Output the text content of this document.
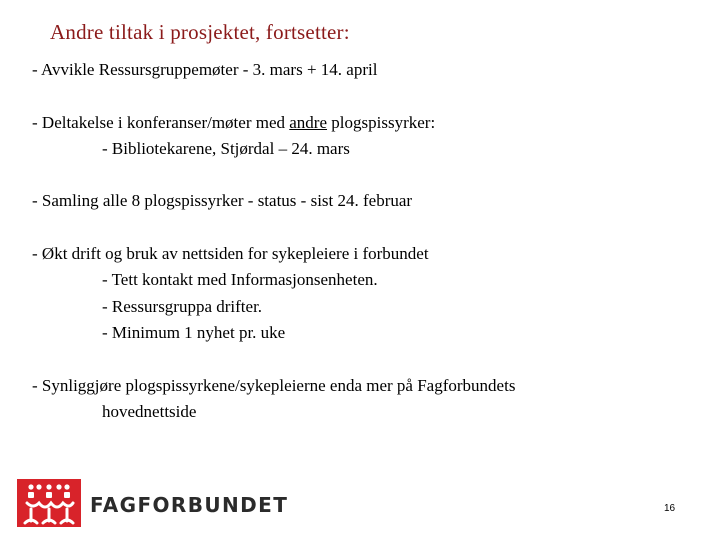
Andre tiltak i prosjektet, fortsetter:
- Avvikle Ressursgruppemøter - 3. mars + 14. april
- Deltakelse i konferanser/møter med andre plogspissyrker:
- Bibliotekarene, Stjørdal – 24. mars
- Samling alle 8 plogspissyrker - status - sist 24. februar
- Økt drift og bruk av nettsiden for sykepleiere i forbundet
- Tett kontakt med Informasjonsenheten.
- Ressursgruppa drifter.
- Minimum 1 nyhet pr. uke
- Synliggjøre plogspissyrkene/sykepleierne enda mer på Fagforbundets
hovednettside
FAGFORBUNDET	16
